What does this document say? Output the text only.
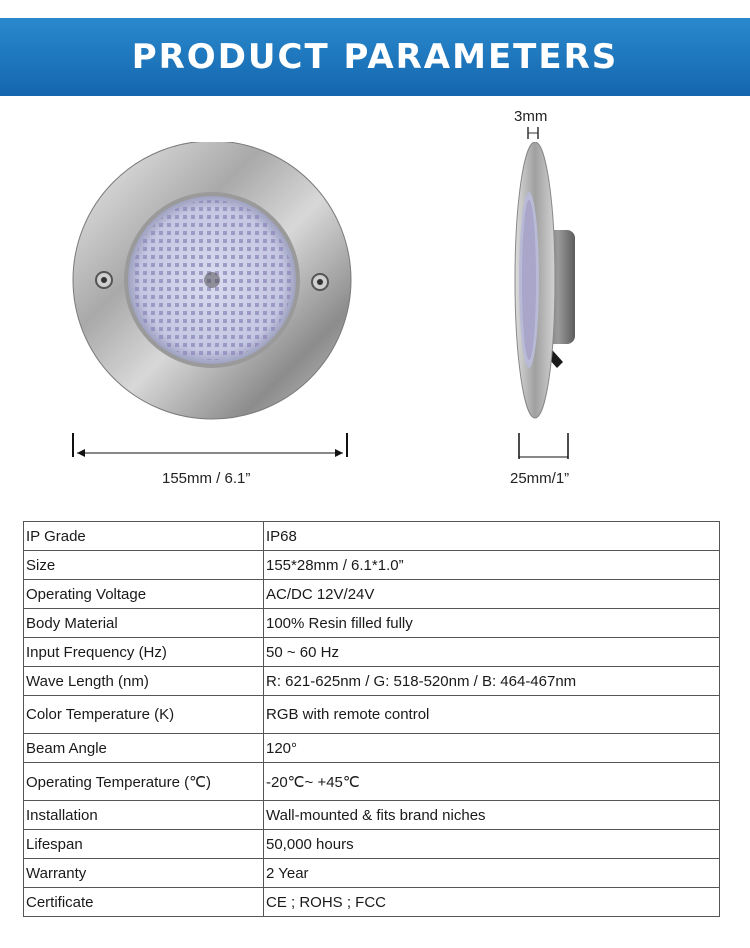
PRODUCT PARAMETERS
3mm
155mm / 6.1”	25mm/1”
IP Grade	IP68
Size	155*28mm / 6.1*1.0”
Operating Voltage	AC/DC 12V/24V
Body Material	100% Resin filled fully
Input Frequency (Hz)	50 ~ 60 Hz
Wave Length (nm)	R: 621-625nm / G: 518-520nm / B: 464-467nm
Color Temperature (K)	RGB with remote control
Beam Angle	120°
Operating Temperature (℃)	-20℃~ +45℃
Installation	Wall-mounted & fits brand niches
Lifespan	50,000 hours
Warranty	2 Year
Certificate	CE ; ROHS ; FCC
